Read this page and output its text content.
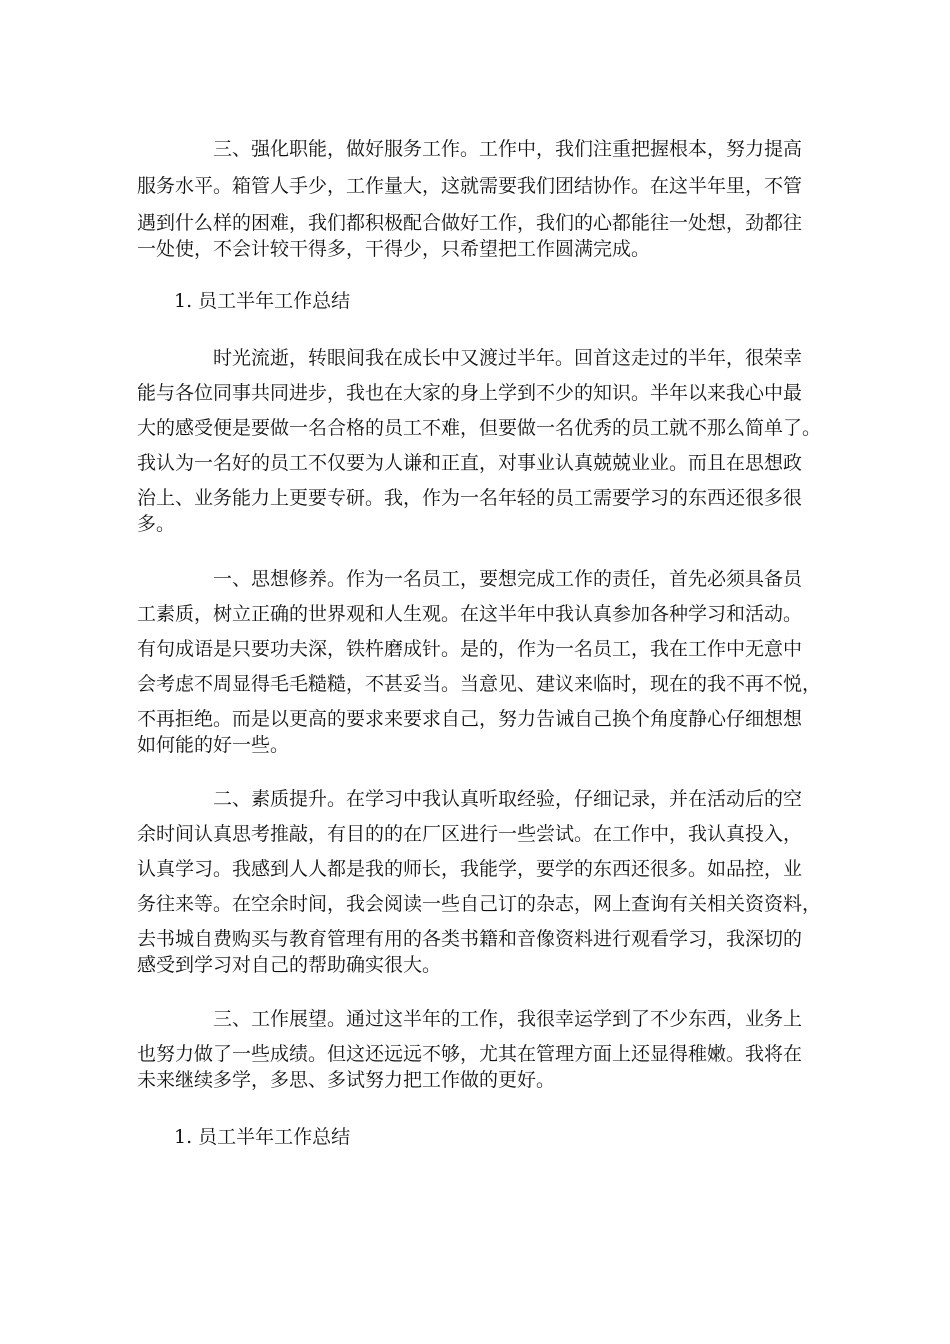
三、强化职能，做好服务工作。工作中，我们注重把握根本，努力提高

服务水平。箱管人手少，工作量大，这就需要我们团结协作。在这半年里，不管

遇到什么样的困难，我们都积极配合做好工作，我们的心都能往一处想，劲都往

一处使，不会计较干得多，干得少，只希望把工作圆满完成。

1. 员工半年工作总结

时光流逝，转眼间我在成长中又渡过半年。回首这走过的半年，很荣幸

能与各位同事共同进步，我也在大家的身上学到不少的知识。半年以来我心中最

大的感受便是要做一名合格的员工不难，但要做一名优秀的员工就不那么简单了。

我认为一名好的员工不仅要为人谦和正直，对事业认真兢兢业业。而且在思想政

治上、业务能力上更要专研。我，作为一名年轻的员工需要学习的东西还很多很

多。

一、思想修养。作为一名员工，要想完成工作的责任，首先必须具备员

工素质，树立正确的世界观和人生观。在这半年中我认真参加各种学习和活动。

有句成语是只要功夫深，铁杵磨成针。是的，作为一名员工，我在工作中无意中

会考虑不周显得毛毛糙糙，不甚妥当。当意见、建议来临时，现在的我不再不悦，

不再拒绝。而是以更高的要求来要求自己，努力告诫自己换个角度静心仔细想想

如何能的好一些。

二、素质提升。在学习中我认真听取经验，仔细记录，并在活动后的空

余时间认真思考推敲，有目的的在厂区进行一些尝试。在工作中，我认真投入，

认真学习。我感到人人都是我的师长，我能学，要学的东西还很多。如品控，业

务往来等。在空余时间，我会阅读一些自己订的杂志，网上查询有关相关资资料，

去书城自费购买与教育管理有用的各类书籍和音像资料进行观看学习，我深切的

感受到学习对自己的帮助确实很大。

三、工作展望。通过这半年的工作，我很幸运学到了不少东西，业务上

也努力做了一些成绩。但这还远远不够，尤其在管理方面上还显得稚嫩。我将在

未来继续多学，多思、多试努力把工作做的更好。

1. 员工半年工作总结
